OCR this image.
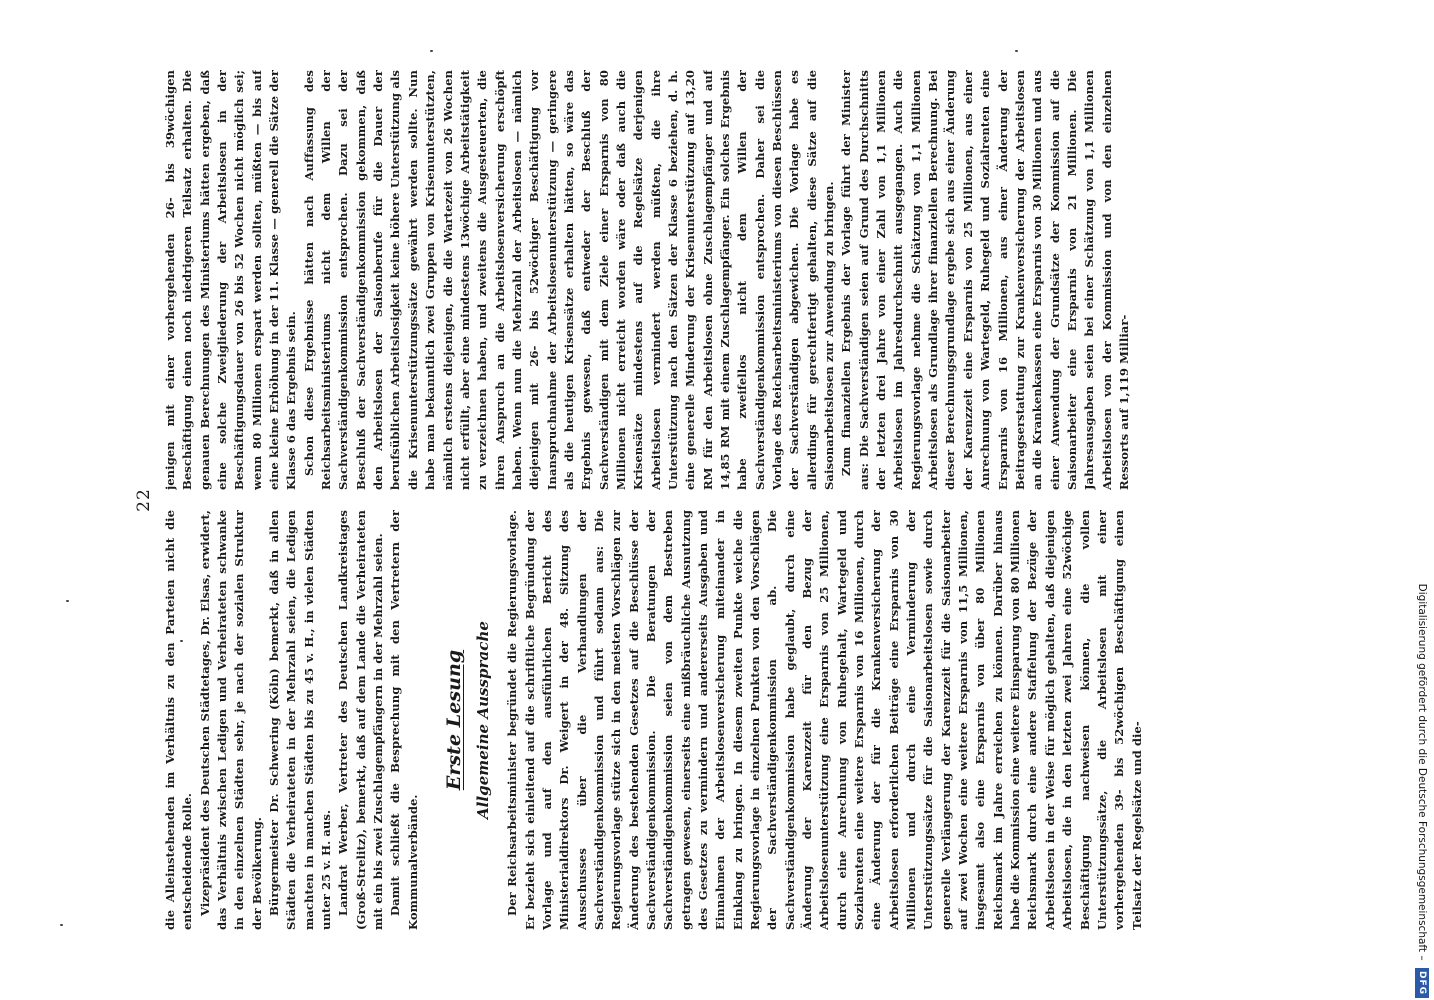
22

die Alleinstehenden im Verhältnis zu den Parteien nicht die entscheidende Rolle. Vizepräsident des Deutschen Städtetages, Dr. Elsas, erwidert, das Verhältnis zwischen Ledigen und Verheirateten schwanke in den einzelnen Städten sehr, je nach der sozialen Struktur der Bevölkerung. Bürgermeister Dr. Schwering (Köln) bemerkt, daß in allen Städten die Verheirateten in der Mehrzahl seien, die Ledigen machten in manchen Städten bis zu 45 v. H., in vielen Städten unter 25 v. H. aus. Landrat Werber, Vertreter des Deutschen Landkreistages (Groß-Strelitz), bemerkt, daß auf dem Lande die Verheirateten mit ein bis zwei Zuschlagempfängern in der Mehrzahl seien. Damit schließt die Besprechung mit den Vertretern der Kommunalverbände.

Erste Lesung Allgemeine Aussprache Der Reichsarbeitsminister begründet die Regierungsvorlage. Er bezieht sich einleitend auf die schriftliche Begründung der Vorlage und auf den ausführlichen Bericht des Ministerialdirektors Dr. Weigert in der 48. Sitzung des Ausschusses über die Verhandlungen der Sachverständigenkommission und führt sodann aus: Die Regierungsvorlage stütze sich in den meisten Vorschlägen zur Änderung des bestehenden Gesetzes auf die Beschlüsse der Sachverständigenkommission. Die Beratungen der Sachverständigenkommission seien von dem Bestreben getragen gewesen, einerseits eine mißbräuchliche Ausnutzung des Gesetzes zu vermindern und andererseits Ausgaben und Einnahmen der Arbeitslosenversicherung miteinander in Einklang zu bringen. In diesem zweiten Punkte weiche die Regierungsvorlage in einzelnen Punkten von den Vorschlägen der Sachverständigenkommission ab. Die Sachverständigenkommission habe geglaubt, durch eine Änderung der Karenzzeit für den Bezug der Arbeitslosenunterstützung eine Ersparnis von 25 Millionen, durch eine Anrechnung von Ruhegehalt, Wartegeld und Sozialrenten eine weitere Ersparnis von 16 Millionen, durch eine Änderung der für die Krankenversicherung der Arbeitslosen erforderlichen Beiträge eine Ersparnis von 30 Millionen und durch eine Verminderung der Unterstützungssätze für die Saisonarbeitslosen sowie durch generelle Verlängerung der Karenzzeit für die Saisonarbeiter auf zwei Wochen eine weitere Ersparnis von 11,5 Millionen, insgesamt also eine Ersparnis von über 80 Millionen Reichsmark im Jahre erreichen zu können. Darüber hinaus habe die Kommission eine weitere Einsparung von 80 Millionen Reichsmark durch eine andere Staffelung der Bezüge der Arbeitslosen in der Weise für möglich gehalten, daß diejenigen Arbeitslosen, die in den letzten zwei Jahren eine 52wöchige Beschäftigung nachweisen können, die vollen Unterstützungssätze, die Arbeitslosen mit einer vorhergehenden 39- bis 52wöchigen Beschäftigung einen Teilsatz der Regelsätze und die-

jenigen mit einer vorhergehenden 26- bis 39wöchigen Beschäftigung einen noch niedrigeren Teilsatz erhalten. Die genauen Berechnungen des Ministeriums hätten ergeben, daß eine solche Zweigliederung der Arbeitslosen in der Beschäftigungsdauer von 26 bis 52 Wochen nicht möglich sei; wenn 80 Millionen erspart werden sollten, müßten — bis auf eine kleine Erhöhung in der 11. Klasse — generell die Sätze der Klasse 6 das Ergebnis sein. Schon diese Ergebnisse hätten nach Auffassung des Reichsarbeitsministeriums nicht dem Willen der Sachverständigenkommission entsprochen. Dazu sei der Beschluß der Sachverständigenkommission gekommen, daß den Arbeitslosen der Saisonberufe für die Dauer der berufsüblichen Arbeitslosigkeit keine höhere Unterstützung als die Krisenunterstützungssätze gewährt werden sollte. Nun habe man bekanntlich zwei Gruppen von Krisenunterstützten, nämlich erstens diejenigen, die die Wartezeit von 26 Wochen nicht erfüllt, aber eine mindestens 13wöchige Arbeitstätigkeit zu verzeichnen haben, und zweitens die Ausgesteuerten, die ihren Anspruch an die Arbeitslosenversicherung erschöpft haben. Wenn nun die Mehrzahl der Arbeitslosen — nämlich diejenigen mit 26- bis 52wöchiger Beschäftigung vor Inanspruchnahme der Arbeitslosenunterstützung — geringere als die heutigen Krisensätze erhalten hätten, so wäre das Ergebnis gewesen, daß entweder der Beschluß der Sachverständigen mit dem Ziele einer Ersparnis von 80 Millionen nicht erreicht worden wäre oder daß auch die Krisensätze mindestens auf die Regelsätze derjenigen Arbeitslosen vermindert werden müßten, die ihre Unterstützung nach den Sätzen der Klasse 6 beziehen, d. h. eine generelle Minderung der Krisenunterstützung auf 13,20 RM für den Arbeitslosen ohne Zuschlagempfänger und auf 14,85 RM mit einem Zuschlagempfänger. Ein solches Ergebnis habe zweifellos nicht dem Willen der Sachverständigenkommission entsprochen. Daher sei die Vorlage des Reichsarbeitsministeriums von diesen Beschlüssen der Sachverständigen abgewichen. Die Vorlage habe es allerdings für gerechtfertigt gehalten, diese Sätze auf die Saisonarbeitslosen zur Anwendung zu bringen. Zum finanziellen Ergebnis der Vorlage führt der Minister aus: Die Sachverständigen seien auf Grund des Durchschnitts der letzten drei Jahre von einer Zahl von 1,1 Millionen Arbeitslosen im Jahresdurchschnitt ausgegangen. Auch die Regierungsvorlage nehme die Schätzung von 1,1 Millionen Arbeitslosen als Grundlage ihrer finanziellen Berechnung. Bei dieser Berechnungsgrundlage ergebe sich aus einer Änderung der Karenzzeit eine Ersparnis von 25 Millionen, aus einer Anrechnung von Wartegeld, Ruhegeld und Sozialrenten eine Ersparnis von 16 Millionen, aus einer Änderung der Beitragserstattung zur Krankenversicherung der Arbeitslosen an die Krankenkassen eine Ersparnis von 30 Millionen und aus einer Anwendung der Grundsätze der Kommission auf die Saisonarbeiter eine Ersparnis von 21 Millionen. Die Jahresausgaben seien bei einer Schätzung von 1,1 Millionen Arbeitslosen von der Kommission und von den einzelnen Ressorts auf 1,119 Milliar-

Digitalisierung gefördert durch die Deutsche Forschungsgemeinschaft – DFG
